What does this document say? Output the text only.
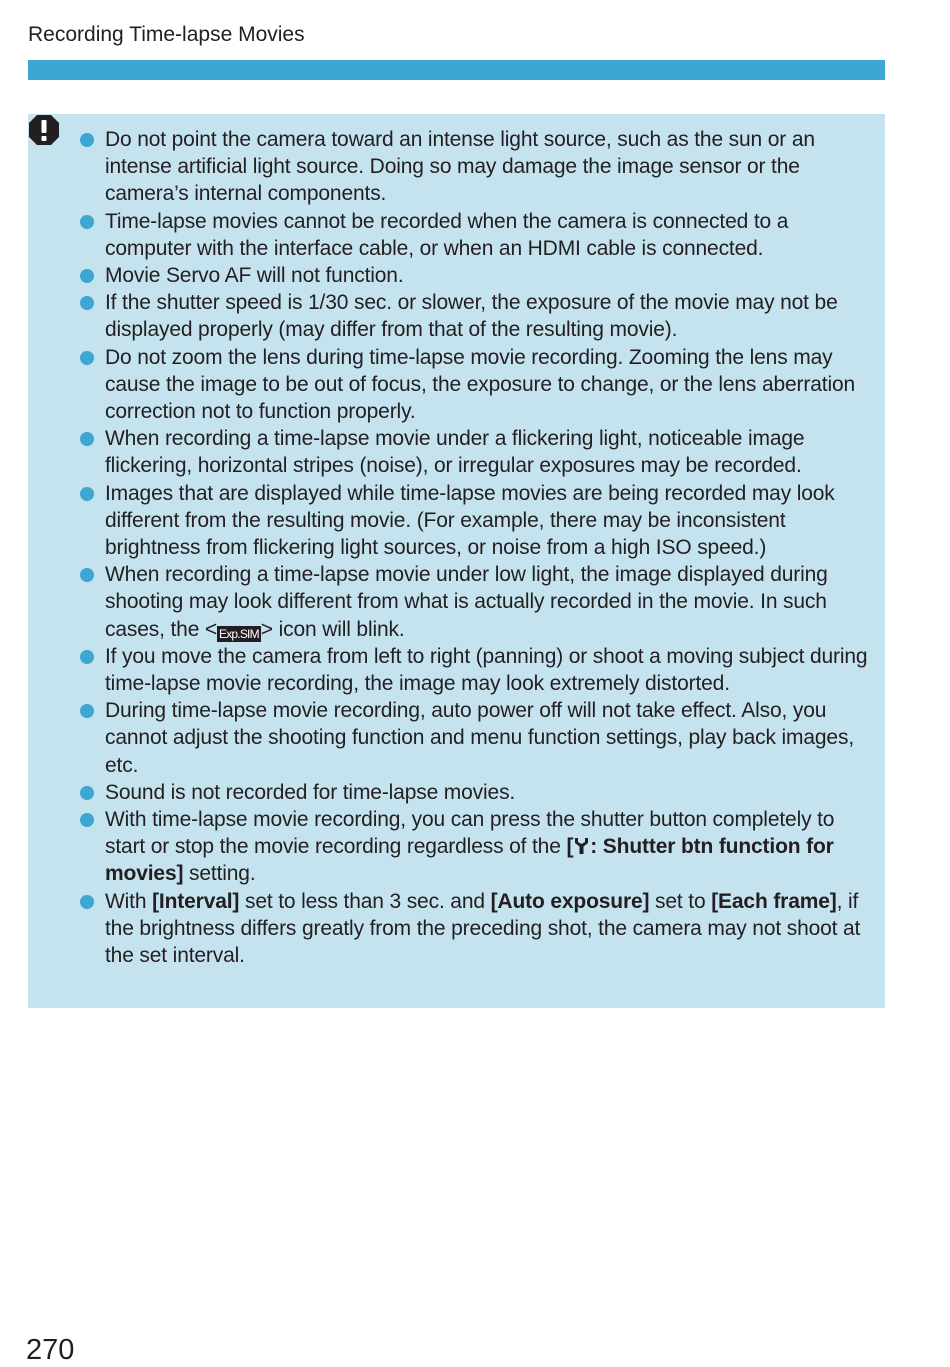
Recording Time-lapse Movies
Do not point the camera toward an intense light source, such as the sun or an intense artificial light source. Doing so may damage the image sensor or the camera’s internal components.
Time-lapse movies cannot be recorded when the camera is connected to a computer with the interface cable, or when an HDMI cable is connected.
Movie Servo AF will not function.
If the shutter speed is 1/30 sec. or slower, the exposure of the movie may not be displayed properly (may differ from that of the resulting movie).
Do not zoom the lens during time-lapse movie recording. Zooming the lens may cause the image to be out of focus, the exposure to change, or the lens aberration correction not to function properly.
When recording a time-lapse movie under a flickering light, noticeable image flickering, horizontal stripes (noise), or irregular exposures may be recorded.
Images that are displayed while time-lapse movies are being recorded may look different from the resulting movie. (For example, there may be inconsistent brightness from flickering light sources, or noise from a high ISO speed.)
When recording a time-lapse movie under low light, the image displayed during shooting may look different from what is actually recorded in the movie. In such cases, the < Exp.SIM> icon will blink.
If you move the camera from left to right (panning) or shoot a moving subject during time-lapse movie recording, the image may look extremely distorted.
During time-lapse movie recording, auto power off will not take effect. Also, you cannot adjust the shooting function and menu function settings, play back images, etc.
Sound is not recorded for time-lapse movies.
With time-lapse movie recording, you can press the shutter button completely to start or stop the movie recording regardless of the [ : Shutter btn function for movies] setting.
With [Interval] set to less than 3 sec. and [Auto exposure] set to [Each frame], if the brightness differs greatly from the preceding shot, the camera may not shoot at the set interval.
270
